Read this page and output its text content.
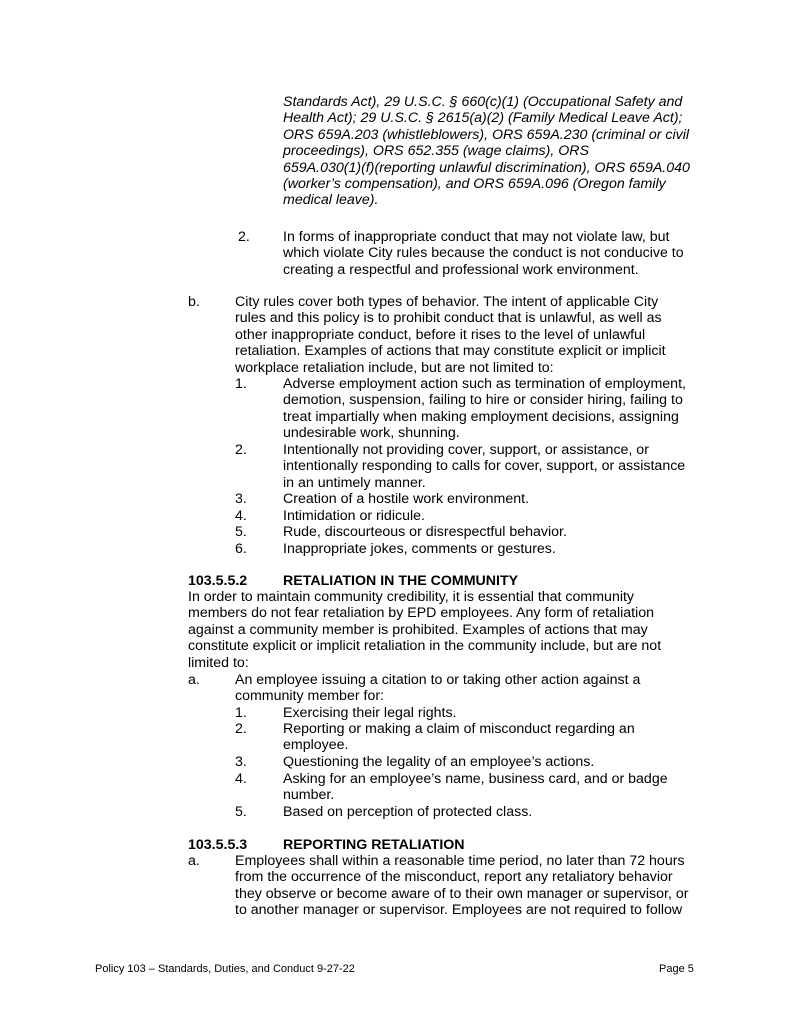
Standards Act), 29 U.S.C. § 660(c)(1) (Occupational Safety and
Health Act); 29 U.S.C. § 2615(a)(2) (Family Medical Leave Act);
ORS 659A.203 (whistleblowers), ORS 659A.230 (criminal or civil
proceedings), ORS 652.355 (wage claims), ORS
659A.030(1)(f)(reporting unlawful discrimination), ORS 659A.040
(worker’s compensation), and ORS 659A.096 (Oregon family
medical leave).
2. In forms of inappropriate conduct that may not violate law, but
which violate City rules because the conduct is not conducive to
creating a respectful and professional work environment.
b. City rules cover both types of behavior. The intent of applicable City
rules and this policy is to prohibit conduct that is unlawful, as well as
other inappropriate conduct, before it rises to the level of unlawful
retaliation. Examples of actions that may constitute explicit or implicit
workplace retaliation include, but are not limited to:
1.	Adverse employment action such as termination of employment,
demotion, suspension, failing to hire or consider hiring, failing to
treat impartially when making employment decisions, assigning
undesirable work, shunning.
2.	Intentionally not providing cover, support, or assistance, or
intentionally responding to calls for cover, support, or assistance
in an untimely manner.
3.	Creation of a hostile work environment.
4.	Intimidation or ridicule.
5.	Rude, discourteous or disrespectful behavior.
6.	Inappropriate jokes, comments or gestures.
103.5.5.2	RETALIATION IN THE COMMUNITY
In order to maintain community credibility, it is essential that community
members do not fear retaliation by EPD employees. Any form of retaliation
against a community member is prohibited. Examples of actions that may
constitute explicit or implicit retaliation in the community include, but are not
limited to:
a. An employee issuing a citation to or taking other action against a
community member for:
1.	Exercising their legal rights.
2.	Reporting or making a claim of misconduct regarding an
employee.
3.	Questioning the legality of an employee’s actions.
4.	Asking for an employee’s name, business card, and or badge
number.
5.	Based on perception of protected class.
103.5.5.3	REPORTING RETALIATION
a. Employees shall within a reasonable time period, no later than 72 hours
from the occurrence of the misconduct, report any retaliatory behavior
they observe or become aware of to their own manager or supervisor, or
to another manager or supervisor. Employees are not required to follow
Policy 103 – Standards, Duties, and Conduct 9-27-22	Page 5
